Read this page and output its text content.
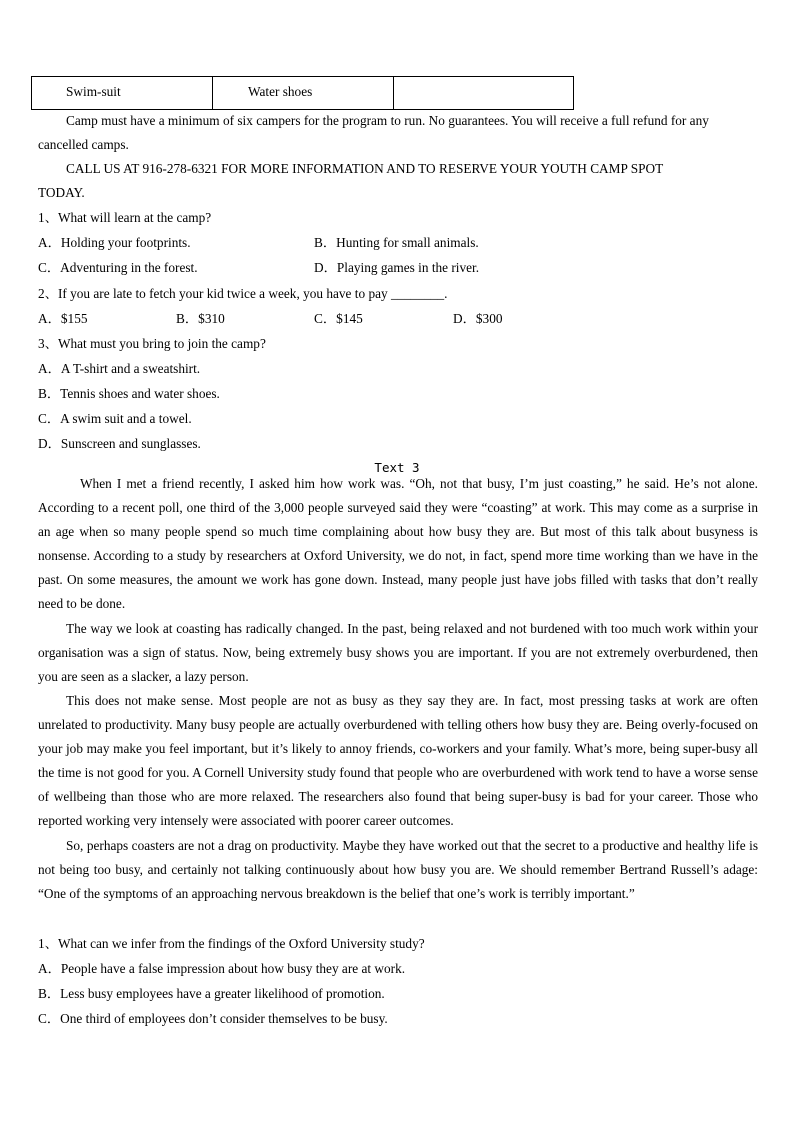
Swim-suit	Water shoes

Camp must have a minimum of six campers for the program to run. No guarantees. You will receive a full refund for any
cancelled camps.
CALL US AT 916-278-6321 FOR MORE INFORMATION AND TO RESERVE YOUR YOUTH CAMP SPOT
TODAY.
1、What will learn at the camp?
A．Holding your footprints.	B．Hunting for small animals.
C．Adventuring in the forest.	D．Playing games in the river.
2、If you are late to fetch your kid twice a week, you have to pay ________.
A．$155	B．$310	C．$145	D．$300
3、What must you bring to join the camp?
A．A T-shirt and a sweatshirt.
B．Tennis shoes and water shoes.
C．A swim suit and a towel.
D．Sunscreen and sunglasses.
Text 3
When I met a friend recently, I asked him how work was. “Oh, not that busy, I’m just coasting,” he said. He’s not alone. According to a recent poll, one third of the 3,000 people surveyed said they were “coasting” at work. This may come as a surprise in an age when so many people spend so much time complaining about how busy they are. But most of this talk about busyness is nonsense. According to a study by researchers at Oxford University, we do not, in fact, spend more time working than we have in the past. On some measures, the amount we work has gone down. Instead, many people just have jobs filled with tasks that don’t really need to be done.
The way we look at coasting has radically changed. In the past, being relaxed and not burdened with too much work within your organisation was a sign of status. Now, being extremely busy shows you are important. If you are not extremely overburdened, then you are seen as a slacker, a lazy person.
This does not make sense. Most people are not as busy as they say they are. In fact, most pressing tasks at work are often unrelated to productivity. Many busy people are actually overburdened with telling others how busy they are. Being overly-focused on your job may make you feel important, but it’s likely to annoy friends, co-workers and your family. What’s more, being super-busy all the time is not good for you. A Cornell University study found that people who are overburdened with work tend to have a worse sense of wellbeing than those who are more relaxed. The researchers also found that being super-busy is bad for your career. Those who reported working very intensely were associated with poorer career outcomes.
So, perhaps coasters are not a drag on productivity. Maybe they have worked out that the secret to a productive and healthy life is not being too busy, and certainly not talking continuously about how busy you are. We should remember Bertrand Russell’s adage: “One of the symptoms of an approaching nervous breakdown is the belief that one’s work is terribly important.”
1、What can we infer from the findings of the Oxford University study?
A．People have a false impression about how busy they are at work.
B．Less busy employees have a greater likelihood of promotion.
C．One third of employees don’t consider themselves to be busy.
